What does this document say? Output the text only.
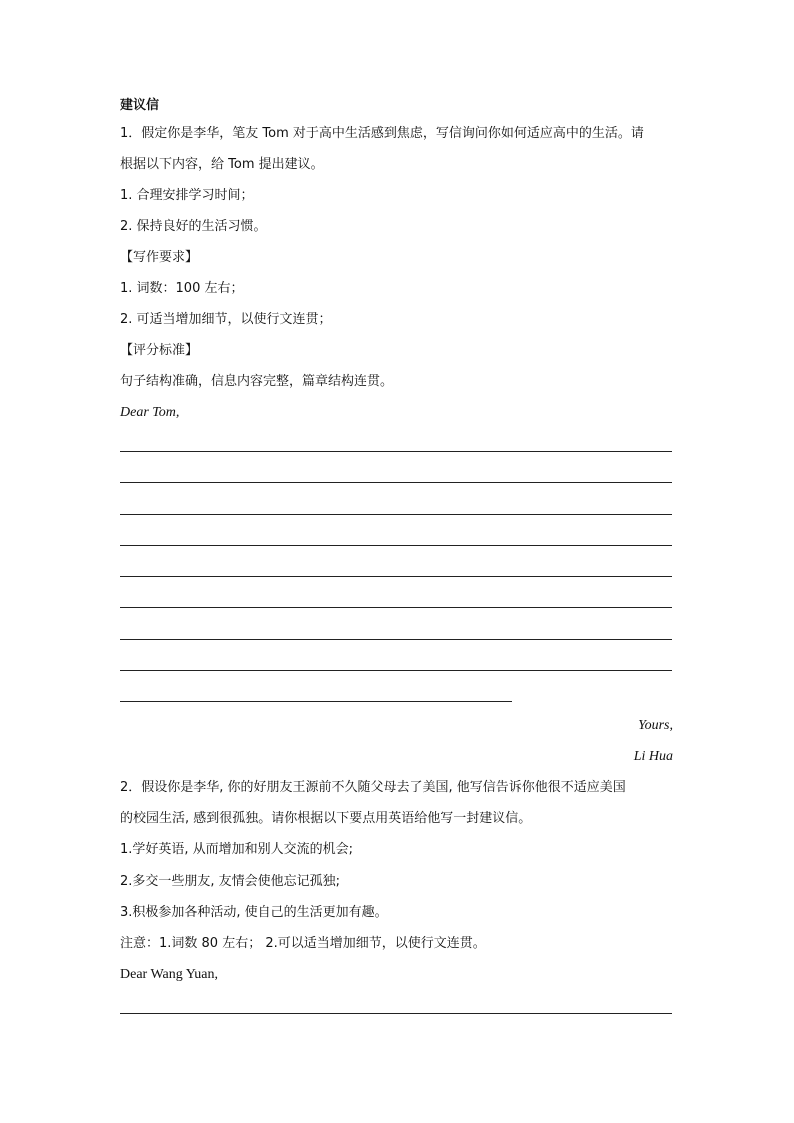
建议信
1．假定你是李华，笔友 Tom 对于高中生活感到焦虑，写信询问你如何适应高中的生活。请
根据以下内容，给 Tom 提出建议。
1. 合理安排学习时间；
2. 保持良好的生活习惯。
【写作要求】
1. 词数：100 左右；
2. 可适当增加细节，以使行文连贯；
【评分标准】
句子结构准确，信息内容完整，篇章结构连贯。
Dear Tom,
Yours,
Li Hua
2．假设你是李华, 你的好朋友王源前不久随父母去了美国, 他写信告诉你他很不适应美国
的校园生活, 感到很孤独。请你根据以下要点用英语给他写一封建议信。
1.学好英语, 从而增加和别人交流的机会;
2.多交一些朋友, 友情会使他忘记孤独;
3.积极参加各种活动, 使自己的生活更加有趣。
注意：1.词数 80 左右； 2.可以适当增加细节，以使行文连贯。
Dear Wang Yuan,
